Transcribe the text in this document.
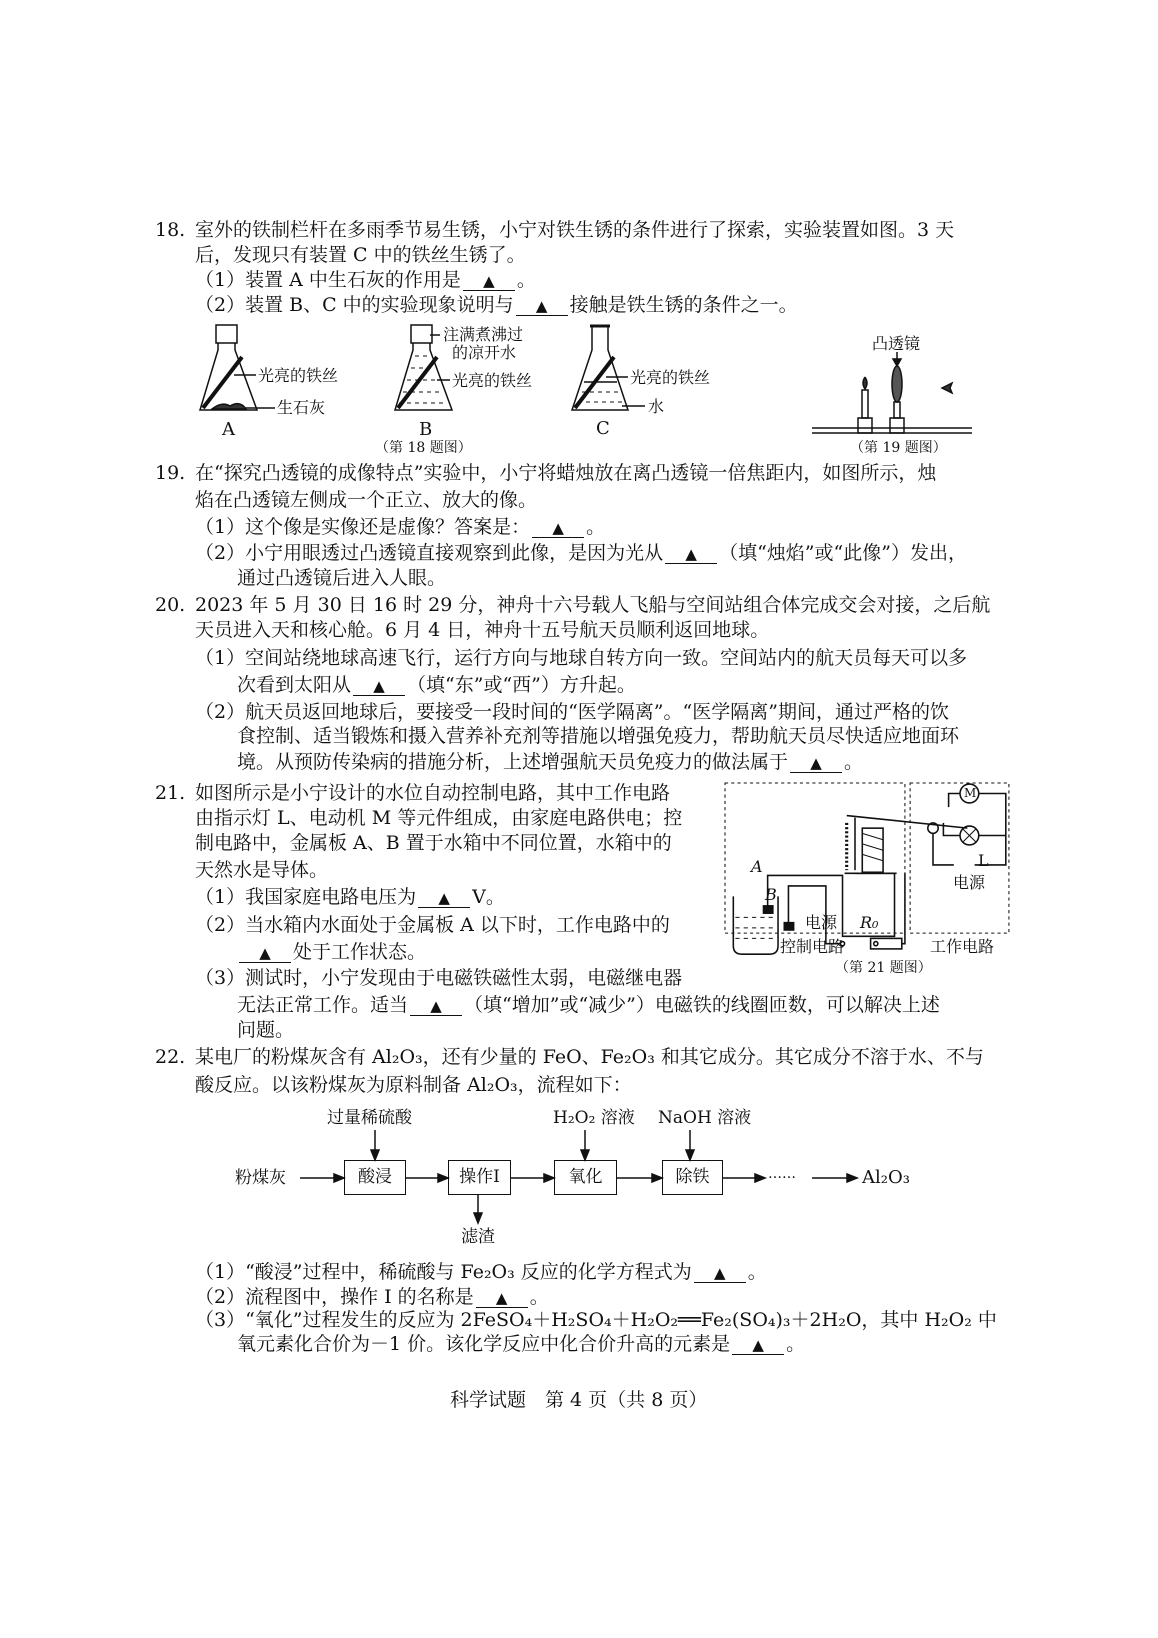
18. 室外的铁制栏杆在多雨季节易生锈，小宁对铁生锈的条件进行了探索，实验装置如图。3 天
后，发现只有装置 C 中的铁丝生锈了。
（1）装置 A 中生石灰的作用是 ▲ 。
（2）装置 B、C 中的实验现象说明与 ▲ 接触是铁生锈的条件之一。
光亮的铁丝
生石灰
A
注满煮沸过
的凉开水
光亮的铁丝
B
光亮的铁丝
水
C
（第 18 题图）
凸透镜
（第 19 题图）
19. 在“探究凸透镜的成像特点”实验中，小宁将蜡烛放在离凸透镜一倍焦距内，如图所示，烛
焰在凸透镜左侧成一个正立、放大的像。
（1）这个像是实像还是虚像？答案是： ▲ 。
（2）小宁用眼透过凸透镜直接观察到此像，是因为光从 ▲ （填“烛焰”或“此像”）发出，
通过凸透镜后进入人眼。
20. 2023 年 5 月 30 日 16 时 29 分，神舟十六号载人飞船与空间站组合体完成交会对接，之后航
天员进入天和核心舱。6 月 4 日，神舟十五号航天员顺利返回地球。
（1）空间站绕地球高速飞行，运行方向与地球自转方向一致。空间站内的航天员每天可以多
次看到太阳从 ▲ （填“东”或“西”）方升起。
（2）航天员返回地球后，要接受一段时间的“医学隔离”。“医学隔离”期间，通过严格的饮
食控制、适当锻炼和摄入营养补充剂等措施以增强免疫力，帮助航天员尽快适应地面环
境。从预防传染病的措施分析，上述增强航天员免疫力的做法属于 ▲ 。
21. 如图所示是小宁设计的水位自动控制电路，其中工作电路
由指示灯 L、电动机 M 等元件组成，由家庭电路供电；控
制电路中，金属板 A、B 置于水箱中不同位置，水箱中的
天然水是导体。
（1）我国家庭电路电压为 ▲ V。
（2）当水箱内水面处于金属板 A 以下时，工作电路中的
▲ 处于工作状态。
（3）测试时，小宁发现由于电磁铁磁性太弱，电磁继电器
无法正常工作。适当 ▲ （填“增加”或“减少”）电磁铁的线圈匝数，可以解决上述
问题。
A
B
电源 R₀
控制电路
M
L
电源
工作电路
（第 21 题图）
22. 某电厂的粉煤灰含有 Al₂O₃，还有少量的 FeO、Fe₂O₃ 和其它成分。其它成分不溶于水、不与
酸反应。以该粉煤灰为原料制备 Al₂O₃，流程如下：
过量稀硫酸	H₂O₂ 溶液 NaOH 溶液
粉煤灰	酸浸	操作I	氧化	除铁	……	Al₂O₃
滤渣
（1）“酸浸”过程中，稀硫酸与 Fe₂O₃ 反应的化学方程式为 ▲ 。
（2）流程图中，操作 I 的名称是 ▲ 。
（3）“氧化”过程发生的反应为 2FeSO₄＋H₂SO₄＋H₂O₂══Fe₂(SO₄)₃＋2H₂O，其中 H₂O₂ 中
氧元素化合价为－1 价。该化学反应中化合价升高的元素是 ▲ 。
科学试题　第 4 页（共 8 页）
